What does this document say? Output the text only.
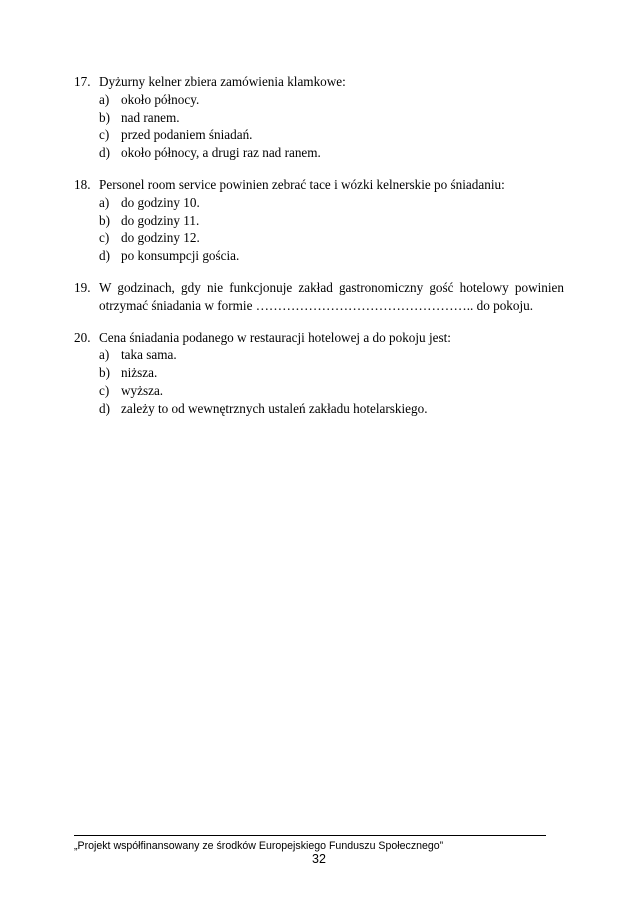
17. Dyżurny kelner zbiera zamówienia klamkowe:
a) około północy.
b) nad ranem.
c) przed podaniem śniadań.
d) około północy, a drugi raz nad ranem.
18. Personel room service powinien zebrać tace i wózki kelnerskie po śniadaniu:
a) do godziny 10.
b) do godziny 11.
c) do godziny 12.
d) po konsumpcji gościa.
19. W godzinach, gdy nie funkcjonuje zakład gastronomiczny gość hotelowy powinien
otrzymać śniadania w formie ………………………………………….. do pokoju.
20. Cena śniadania podanego w restauracji hotelowej a do pokoju jest:
a) taka sama.
b) niższa.
c) wyższa.
d) zależy to od wewnętrznych ustaleń zakładu hotelarskiego.
„Projekt współfinansowany ze środków Europejskiego Funduszu Społecznego”
32
